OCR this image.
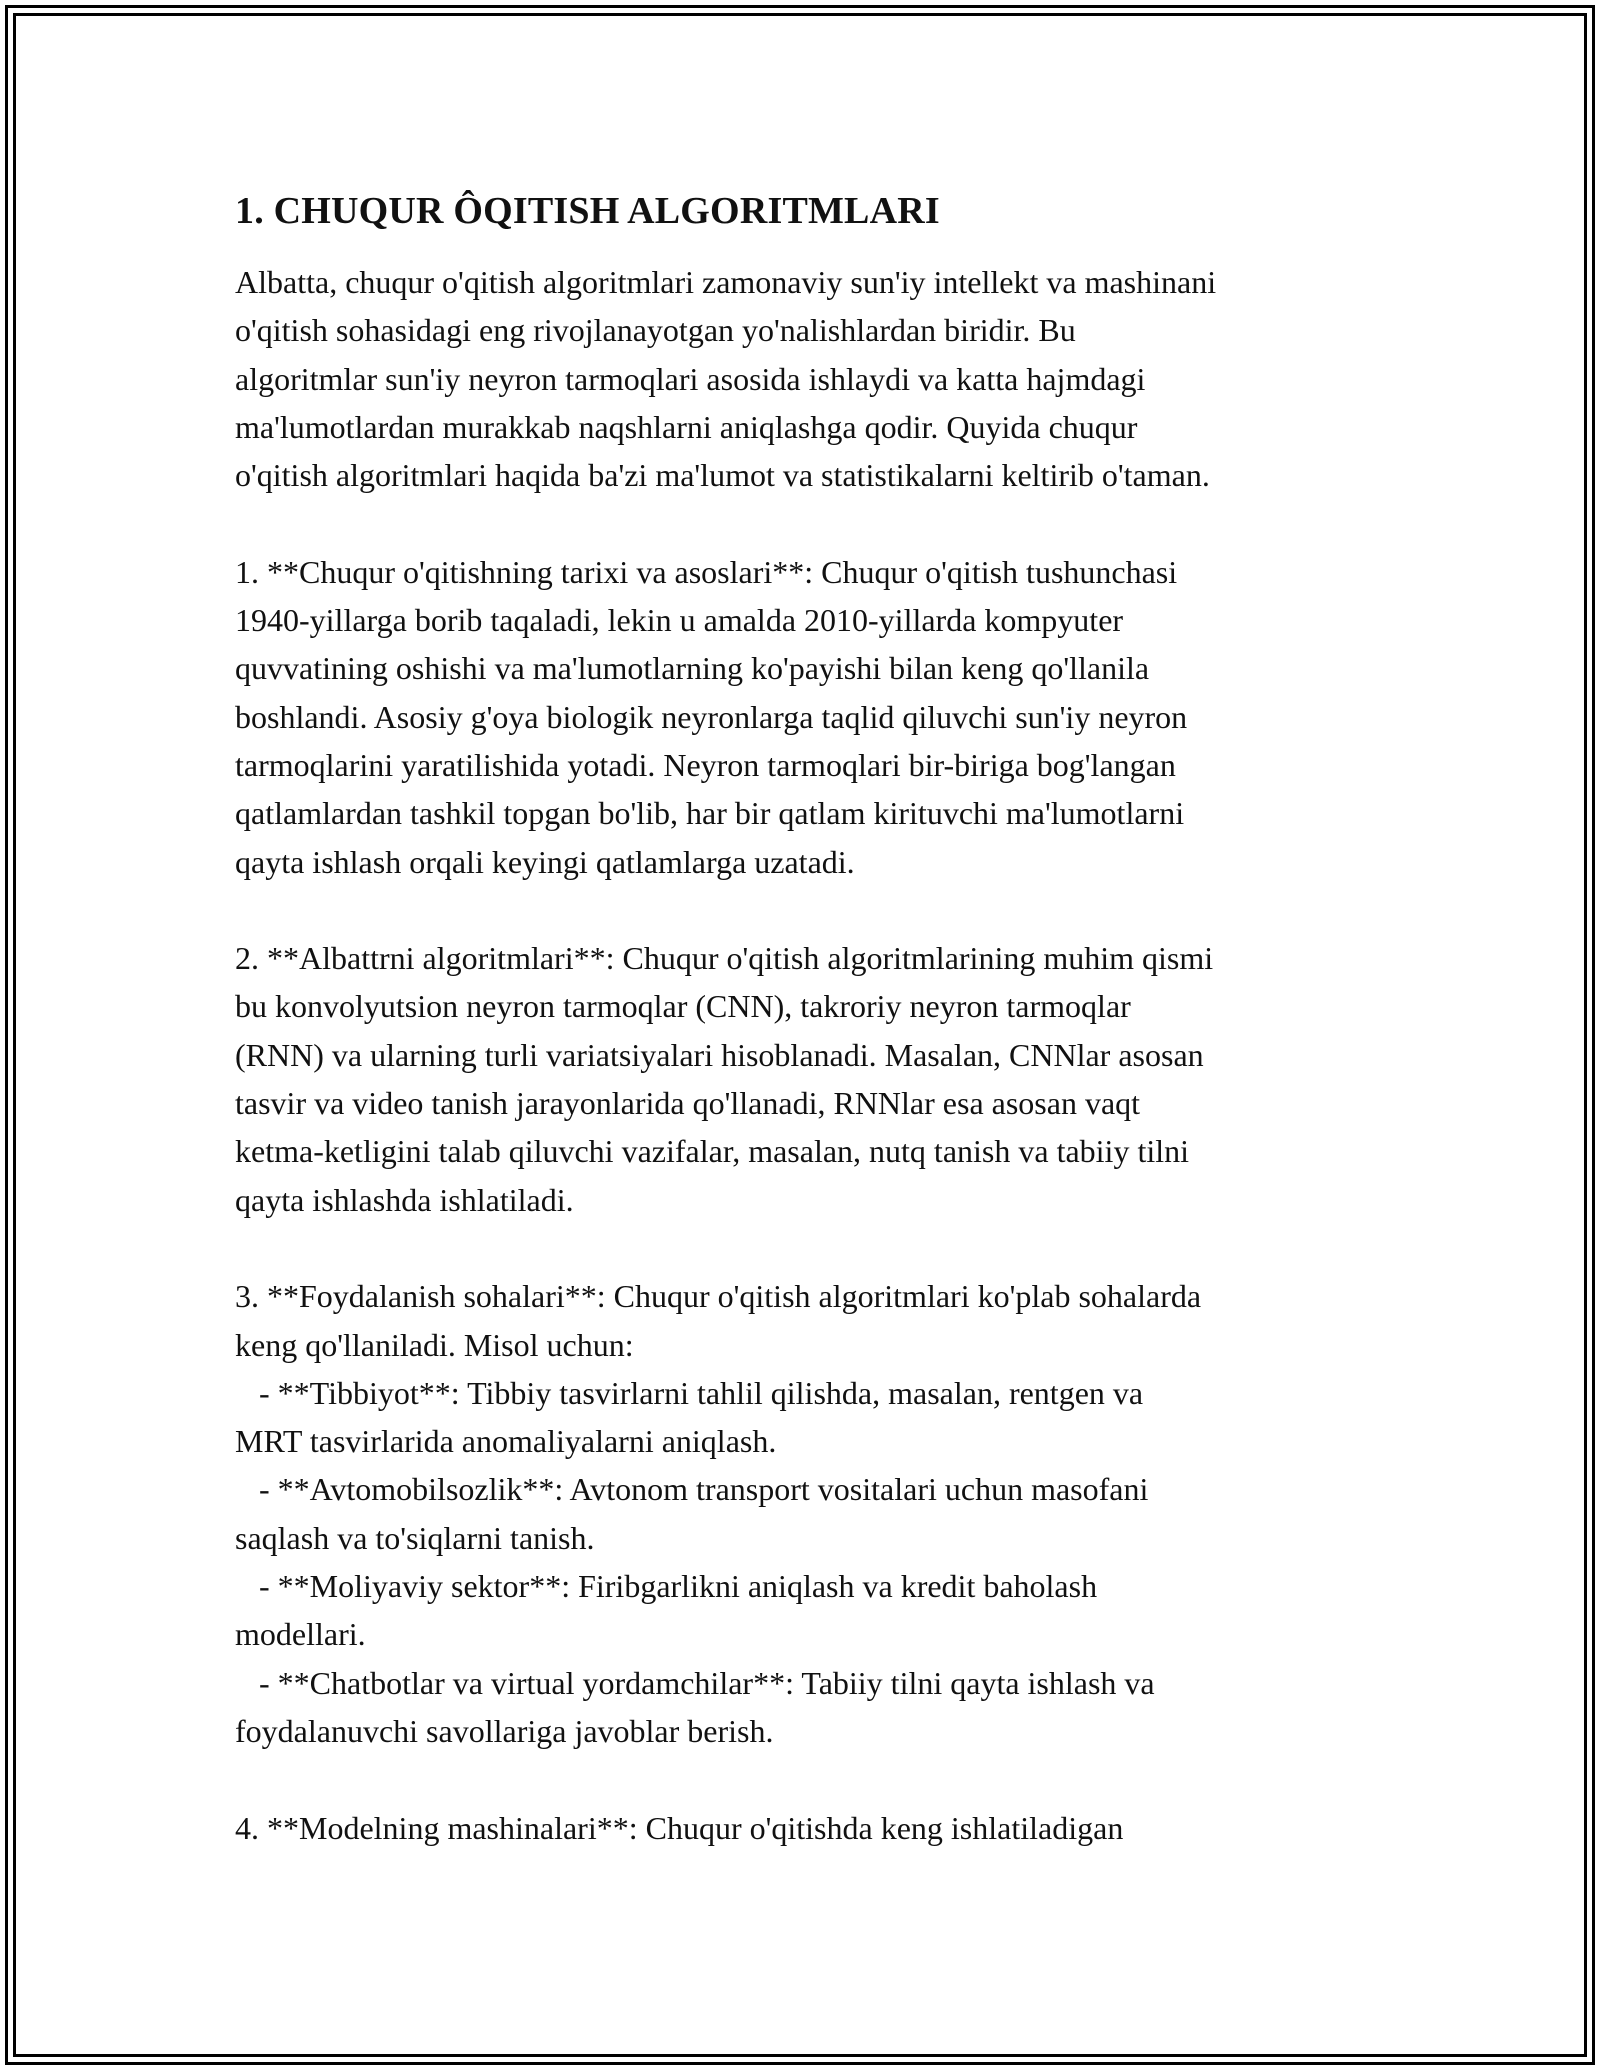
1. CHUQUR ÔQITISH ALGORITMLARI
Albatta, chuqur o'qitish algoritmlari zamonaviy sun'iy intellekt va mashinani
o'qitish sohasidagi eng rivojlanayotgan yo'nalishlardan biridir. Bu
algoritmlar sun'iy neyron tarmoqlari asosida ishlaydi va katta hajmdagi
ma'lumotlardan murakkab naqshlarni aniqlashga qodir. Quyida chuqur
o'qitish algoritmlari haqida ba'zi ma'lumot va statistikalarni keltirib o'taman.
1. **Chuqur o'qitishning tarixi va asoslari**: Chuqur o'qitish tushunchasi
1940-yillarga borib taqaladi, lekin u amalda 2010-yillarda kompyuter
quvvatining oshishi va ma'lumotlarning ko'payishi bilan keng qo'llanila
boshlandi. Asosiy g'oya biologik neyronlarga taqlid qiluvchi sun'iy neyron
tarmoqlarini yaratilishida yotadi. Neyron tarmoqlari bir-biriga bog'langan
qatlamlardan tashkil topgan bo'lib, har bir qatlam kirituvchi ma'lumotlarni
qayta ishlash orqali keyingi qatlamlarga uzatadi.
2. **Albattrni algoritmlari**: Chuqur o'qitish algoritmlarining muhim qismi
bu konvolyutsion neyron tarmoqlar (CNN), takroriy neyron tarmoqlar
(RNN) va ularning turli variatsiyalari hisoblanadi. Masalan, CNNlar asosan
tasvir va video tanish jarayonlarida qo'llanadi, RNNlar esa asosan vaqt
ketma-ketligini talab qiluvchi vazifalar, masalan, nutq tanish va tabiiy tilni
qayta ishlashda ishlatiladi.
3. **Foydalanish sohalari**: Chuqur o'qitish algoritmlari ko'plab sohalarda
keng qo'llaniladi. Misol uchun:
- **Tibbiyot**: Tibbiy tasvirlarni tahlil qilishda, masalan, rentgen va
MRT tasvirlarida anomaliyalarni aniqlash.
- **Avtomobilsozlik**: Avtonom transport vositalari uchun masofani
saqlash va to'siqlarni tanish.
- **Moliyaviy sektor**: Firibgarlikni aniqlash va kredit baholash
modellari.
- **Chatbotlar va virtual yordamchilar**: Tabiiy tilni qayta ishlash va
foydalanuvchi savollariga javoblar berish.
4. **Modelning mashinalari**: Chuqur o'qitishda keng ishlatiladigan
